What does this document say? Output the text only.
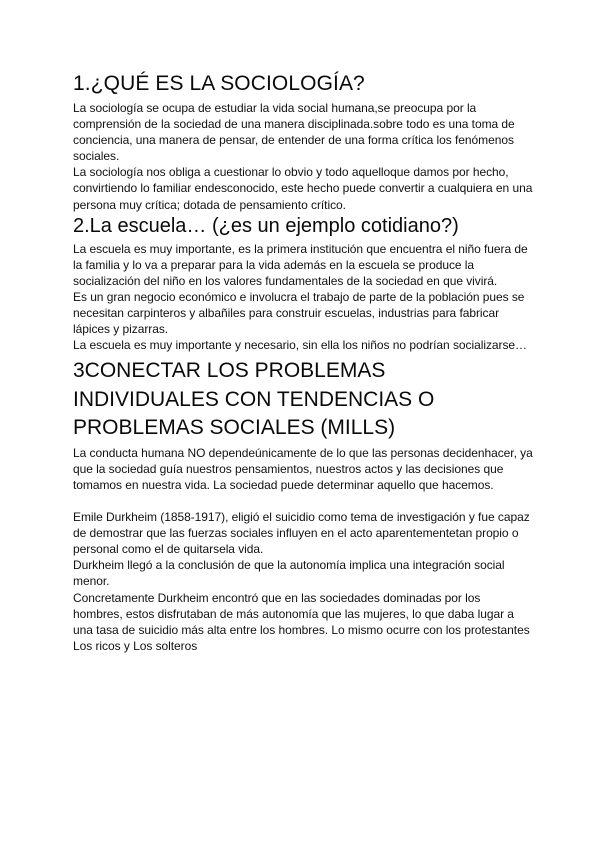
1.¿QUÉ ES LA SOCIOLOGÍA?

La sociología se ocupa de estudiar la vida social humana,se preocupa por la comprensión de la sociedad de una manera disciplinada.sobre todo es una toma de conciencia, una manera de pensar, de entender de una forma crítica los fenómenos sociales.

La sociología nos obliga a cuestionar lo obvio y todo aquelloque damos por hecho, convirtiendo lo familiar endesconocido, este hecho puede convertir a cualquiera en una persona muy crítica; dotada de pensamiento crítico.

2.La escuela… (¿es un ejemplo cotidiano?)

La escuela es muy importante, es la primera institución que encuentra el niño fuera de la familia y lo va a preparar para la vida además en la escuela se produce la socialización del niño en los valores fundamentales de la sociedad en que vivirá.

Es un gran negocio económico e involucra el trabajo de parte de la población pues se necesitan carpinteros y albañiles para construir escuelas, industrias para fabricar lápices y pizarras.

La escuela es muy importante y necesario, sin ella los niños no podrían socializarse…

3CONECTAR LOS PROBLEMAS INDIVIDUALES CON TENDENCIAS O PROBLEMAS SOCIALES (MILLS)

La conducta humana NO dependeúnicamente de lo que las personas decidenhacer, ya que la sociedad guía nuestros pensamientos, nuestros actos y las decisiones que tomamos en nuestra vida. La sociedad puede determinar aquello que hacemos.

Emile Durkheim (1858-1917), eligió el suicidio como tema de investigación y fue capaz de demostrar que las fuerzas sociales influyen en el acto aparentementetan propio o personal como el de quitarsela vida.

Durkheim llegó a la conclusión de que la autonomía implica una integración social menor.

Concretamente Durkheim encontró que en las sociedades dominadas por los hombres, estos disfrutaban de más autonomía que las mujeres, lo que daba lugar a una tasa de suicidio más alta entre los hombres. Lo mismo ocurre con los protestantes Los ricos y Los solteros
